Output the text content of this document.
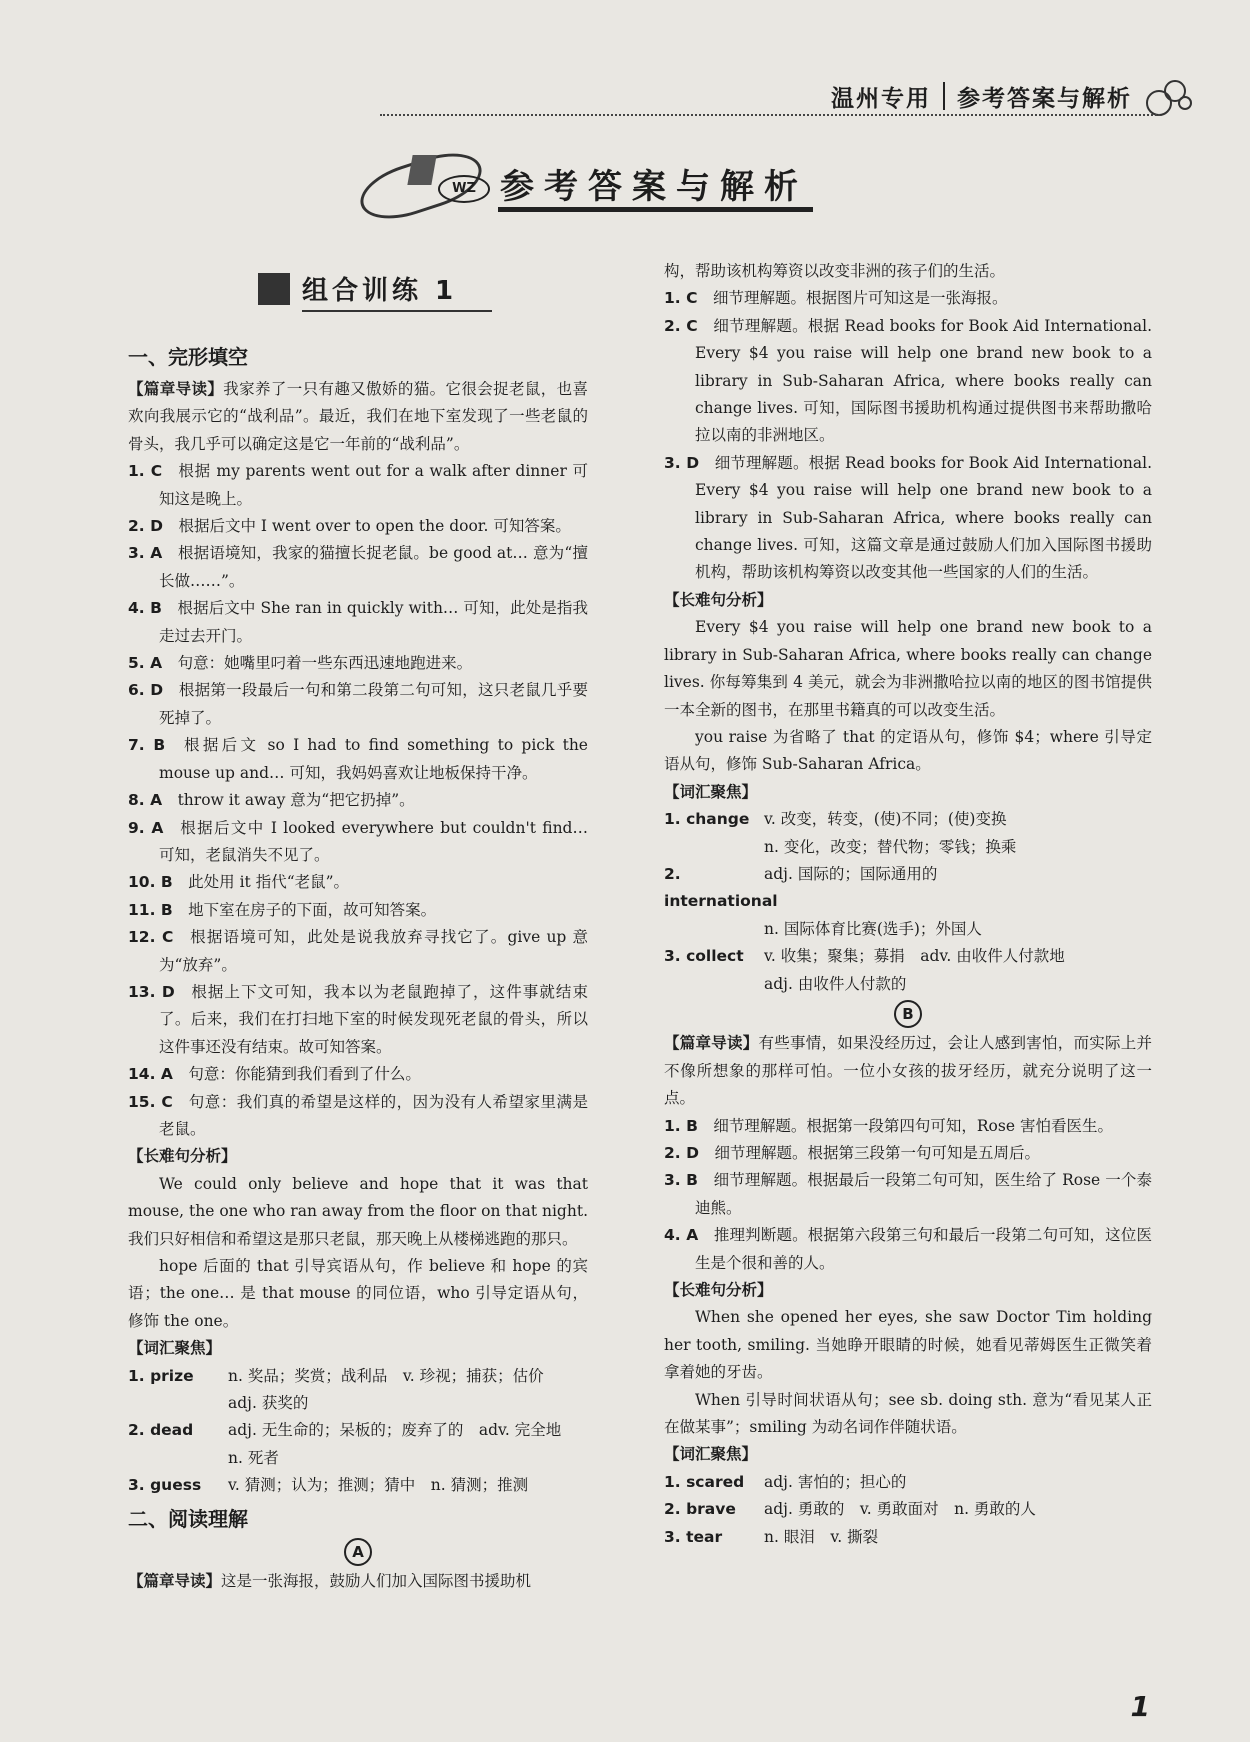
温州专用 参考答案与解析
WZ 参考答案与解析
组合训练 1
一、完形填空

【篇章导读】我家养了一只有趣又傲娇的猫。它很会捉老鼠，也喜欢向我展示它的“战利品”。最近，我们在地下室发现了一些老鼠的骨头，我几乎可以确定这是它一年前的“战利品”。

1. C  根据 my parents went out for a walk after dinner 可知这是晚上。

2. D  根据后文中 I went over to open the door. 可知答案。

3. A  根据语境知，我家的猫擅长捉老鼠。be good at… 意为“擅长做……”。

4. B  根据后文中 She ran in quickly with… 可知，此处是指我走过去开门。

5. A  句意：她嘴里叼着一些东西迅速地跑进来。

6. D  根据第一段最后一句和第二段第二句可知，这只老鼠几乎要死掉了。

7. B  根据后文 so I had to find something to pick the mouse up and… 可知，我妈妈喜欢让地板保持干净。

8. A  throw it away 意为“把它扔掉”。

9. A  根据后文中 I looked everywhere but couldn't find… 可知，老鼠消失不见了。

10. B  此处用 it 指代“老鼠”。

11. B  地下室在房子的下面，故可知答案。

12. C  根据语境可知，此处是说我放弃寻找它了。give up 意为“放弃”。

13. D  根据上下文可知，我本以为老鼠跑掉了，这件事就结束了。后来，我们在打扫地下室的时候发现死老鼠的骨头，所以这件事还没有结束。故可知答案。

14. A  句意：你能猜到我们看到了什么。

15. C  句意：我们真的希望是这样的，因为没有人希望家里满是老鼠。

【长难句分析】

We could only believe and hope that it was that mouse, the one who ran away from the floor on that night. 我们只好相信和希望这是那只老鼠，那天晚上从楼梯逃跑的那只。

hope 后面的 that 引导宾语从句，作 believe 和 hope 的宾语；the one… 是 that mouse 的同位语，who 引导定语从句，修饰 the one。

【词汇聚焦】
1. prize	n. 奖品；奖赏；战利品　v. 珍视；捕获；估价
adj. 获奖的
2. dead	adj. 无生命的；呆板的；废弃了的　adv. 完全地
n. 死者
3. guess	v. 猜测；认为；推测；猜中　n. 猜测；推测
二、阅读理解
A

【篇章导读】这是一张海报，鼓励人们加入国际图书援助机

构，帮助该机构筹资以改变非洲的孩子们的生活。

1. C  细节理解题。根据图片可知这是一张海报。

2. C  细节理解题。根据 Read books for Book Aid International. Every $4 you raise will help one brand new book to a library in Sub-Saharan Africa, where books really can change lives. 可知，国际图书援助机构通过提供图书来帮助撒哈拉以南的非洲地区。

3. D  细节理解题。根据 Read books for Book Aid International. Every $4 you raise will help one brand new book to a library in Sub-Saharan Africa, where books really can change lives. 可知，这篇文章是通过鼓励人们加入国际图书援助机构，帮助该机构筹资以改变其他一些国家的人们的生活。

【长难句分析】

Every $4 you raise will help one brand new book to a library in Sub-Saharan Africa, where books really can change lives. 你每筹集到 4 美元，就会为非洲撒哈拉以南的地区的图书馆提供一本全新的图书，在那里书籍真的可以改变生活。

you raise 为省略了 that 的定语从句，修饰 $4；where 引导定语从句，修饰 Sub-Saharan Africa。

【词汇聚焦】
1. change v. 改变，转变，(使)不同；(使)变换
n. 变化，改变；替代物；零钱；换乘
2. international
adj. 国际的；国际通用的
n. 国际体育比赛(选手)；外国人
3. collect	v. 收集；聚集；募捐　adv. 由收件人付款地
adj. 由收件人付款的
B

【篇章导读】有些事情，如果没经历过，会让人感到害怕，而实际上并不像所想象的那样可怕。一位小女孩的拔牙经历，就充分说明了这一点。

1. B  细节理解题。根据第一段第四句可知，Rose 害怕看医生。

2. D  细节理解题。根据第三段第一句可知是五周后。

3. B  细节理解题。根据最后一段第二句可知，医生给了 Rose 一个泰迪熊。

4. A  推理判断题。根据第六段第三句和最后一段第二句可知，这位医生是个很和善的人。

【长难句分析】

When she opened her eyes, she saw Doctor Tim holding her tooth, smiling. 当她睁开眼睛的时候，她看见蒂姆医生正微笑着拿着她的牙齿。

When 引导时间状语从句；see sb. doing sth. 意为“看见某人正在做某事”；smiling 为动名词作伴随状语。

【词汇聚焦】
1. scared	adj. 害怕的；担心的
2. brave	adj. 勇敢的　v. 勇敢面对　n. 勇敢的人
3. tear	n. 眼泪　v. 撕裂
1
